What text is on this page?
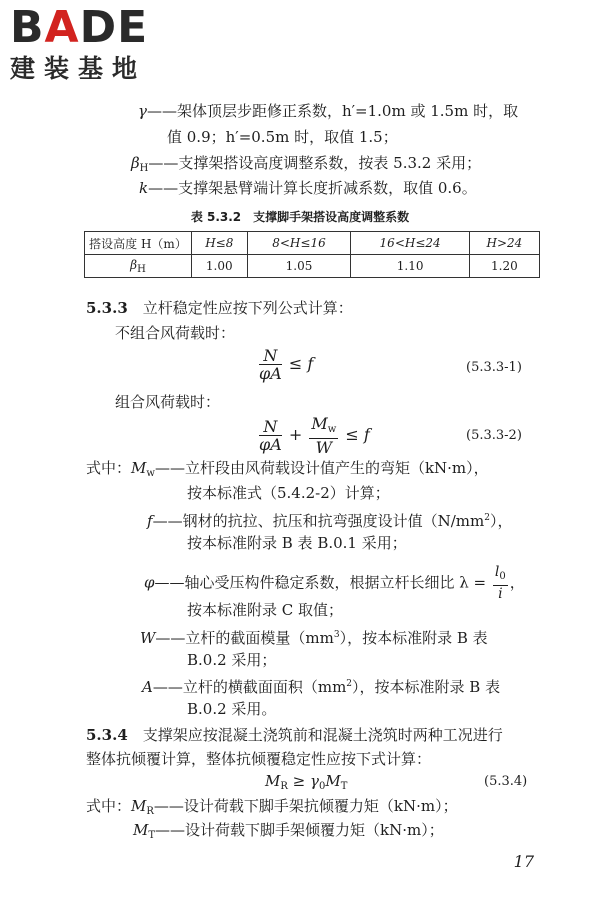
BADE
建装基地
γ——架体顶层步距修正系数，h′=1.0m 或 1.5m 时，取
值 0.9；h′=0.5m 时，取值 1.5；
$\beta_H——$支撑架搭设高度调整系数，按表 5.3.2 采用；
k——支撑架悬臂端计算长度折减系数，取值 0.6。
表 5.3.2　支撑脚手架搭设高度调整系数
搭设高度 H（m）	H≤8	8<H≤16	16<H≤24	H>24
$\beta_H$	1.00	1.05	1.10	1.20
5.3.3　 立杆稳定性应按下列公式计算：
不组合风荷载时：
$\frac{N}{\varphi A} \le f$	(5.3.3-1)
组合风荷载时：
$\frac{N}{\varphi A} + \frac{M_w}{W} \le f$	(5.3.3-2)
式中：$M_w——$立杆段由风荷载设计值产生的弯矩（kN·m），
按本标准式（5.4.2-2）计算；
f——钢材的抗拉、抗压和抗弯强度设计值$(N/mm^2)$，
按本标准附录 B 表 B.0.1 采用；
φ——轴心受压构件稳定系数，根据立杆长细比 $\lambda = \frac{l_0}{i}$ ，
按本标准附录 C 取值；
W——立杆的截面模量$(mm^3)$，按本标准附录 B 表
B.0.2 采用；
A——立杆的横截面面积$(mm^2)$，按本标准附录 B 表
B.0.2 采用。
5.3.4　 支撑架应按混凝土浇筑前和混凝土浇筑时两种工况进行
整体抗倾覆计算，整体抗倾覆稳定性应按下式计算：
$M_R \ge \gamma_0M_T$	(5.3.4)
式中：$M_R——$设计荷载下脚手架抗倾覆力矩（kN·m）；
$M_T——$设计荷载下脚手架倾覆力矩（kN·m）；
17
